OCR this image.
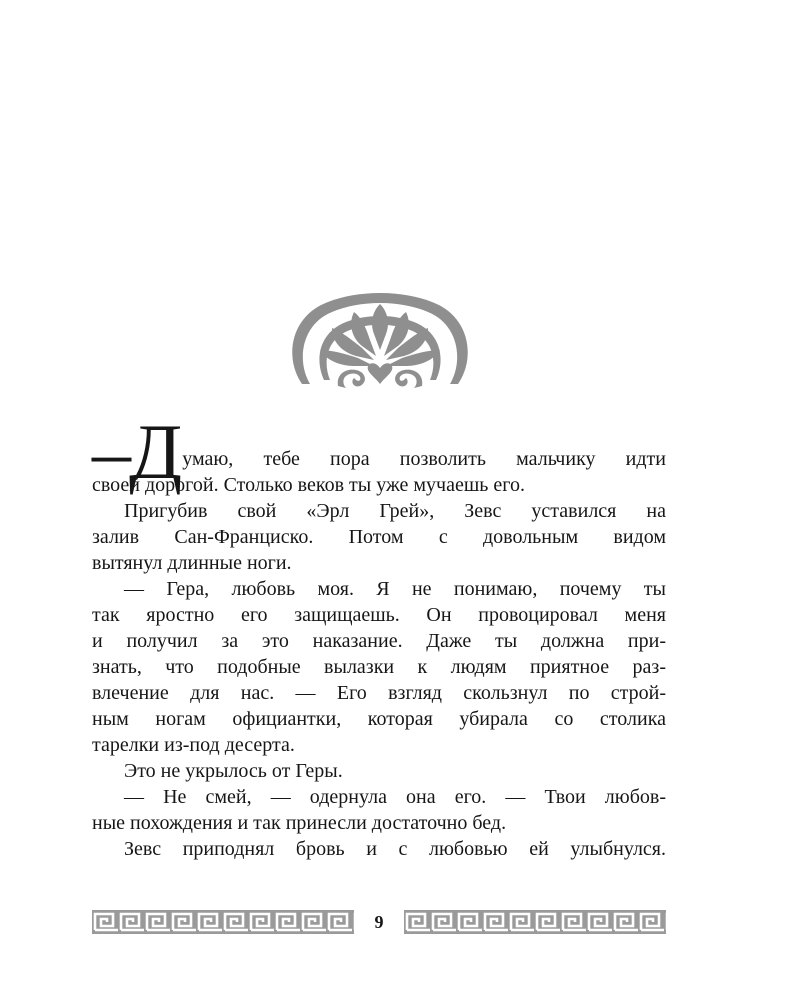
–Д умаю, тебе пора позволить мальчику идти
своей дорогой. Столько веков ты уже мучаешь его.
Пригубив свой «Эрл Грей», Зевс уставился на
залив Сан-Франциско. Потом с довольным видом
вытянул длинные ноги.
— Гера, любовь моя. Я не понимаю, почему ты
так яростно его защищаешь. Он провоцировал меня
и получил за это наказание. Даже ты должна при-
знать, что подобные вылазки к людям приятное раз-
влечение для нас. — Его взгляд скользнул по строй-
ным ногам официантки, которая убирала со столика
тарелки из-под десерта.
Это не укрылось от Геры.
— Не смей, — одернула она его. — Твои любов-
ные похождения и так принесли достаточно бед.
Зевс приподнял бровь и с любовью ей улыбнулся.
9
